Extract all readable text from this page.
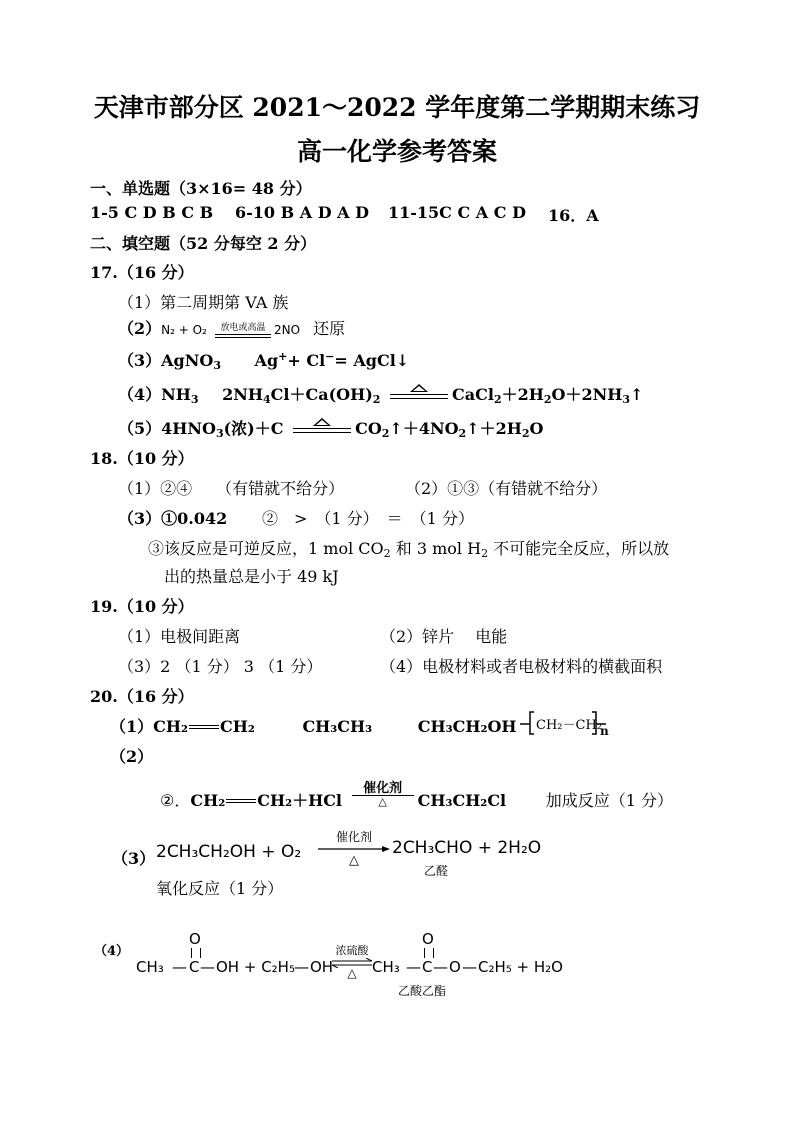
天津市部分区 2021～2022 学年度第二学期期末练习
高一化学参考答案
一、单选题（3×16= 48 分）
1-5 C D B C B 6-10 B A D A D 11-15C C A C D 16．A
二、填空题（52 分每空 2 分）
17.（16 分）
（1）第二周期第 VA 族
（2）N₂ + O₂	放电或高温 2NO 还原
（3）AgNO$_3$ Ag++ Cl−= AgCl↓
$(4)NH_3$ $2NH_4Cl+Ca(OH)_2$	$CaCl_2+2H_2O+2NH_3↑$
$(5)4HNO_3$(浓)＋C	$CO_2↑+4NO_2↑+2H_2O$
18.（10 分）
（1）②④　　（有错就不给分）	（2）①③（有错就不给分）
（3）①0.042 ②　>　（1 分）　＝　（1 分）
③该反应是可逆反应，1 mol $CO_2$ 和 3 mol $H_2$ 不可能完全反应，所以放
出的热量总是小于 49 kJ
19.（10 分）
（1）电极间距离	（2）锌片　 电能
（3）2 （1 分） 3 （1 分）	（4）电极材料或者电极材料的横截面积
20.（16 分）
（1）CH₂ CH₂	CH₃CH₃	CH₃CH₂OH CH₂－CH₂
n
（2）
②．CH₂ CH₂＋HCl
催化剂
△	CH₃CH₂Cl 加成反应（1 分）
（3） 2CH₃CH₂OH + O₂
催化剂
△
2CH₃CHO + 2H₂O
乙醛
氧化反应（1 分）
（4）
CH₃ — C
O
— OH + C₂H₅ — OH
浓硫酸
△	CH₃ — C
O
— O — C₂H₅ + H₂O
乙酸乙酯
